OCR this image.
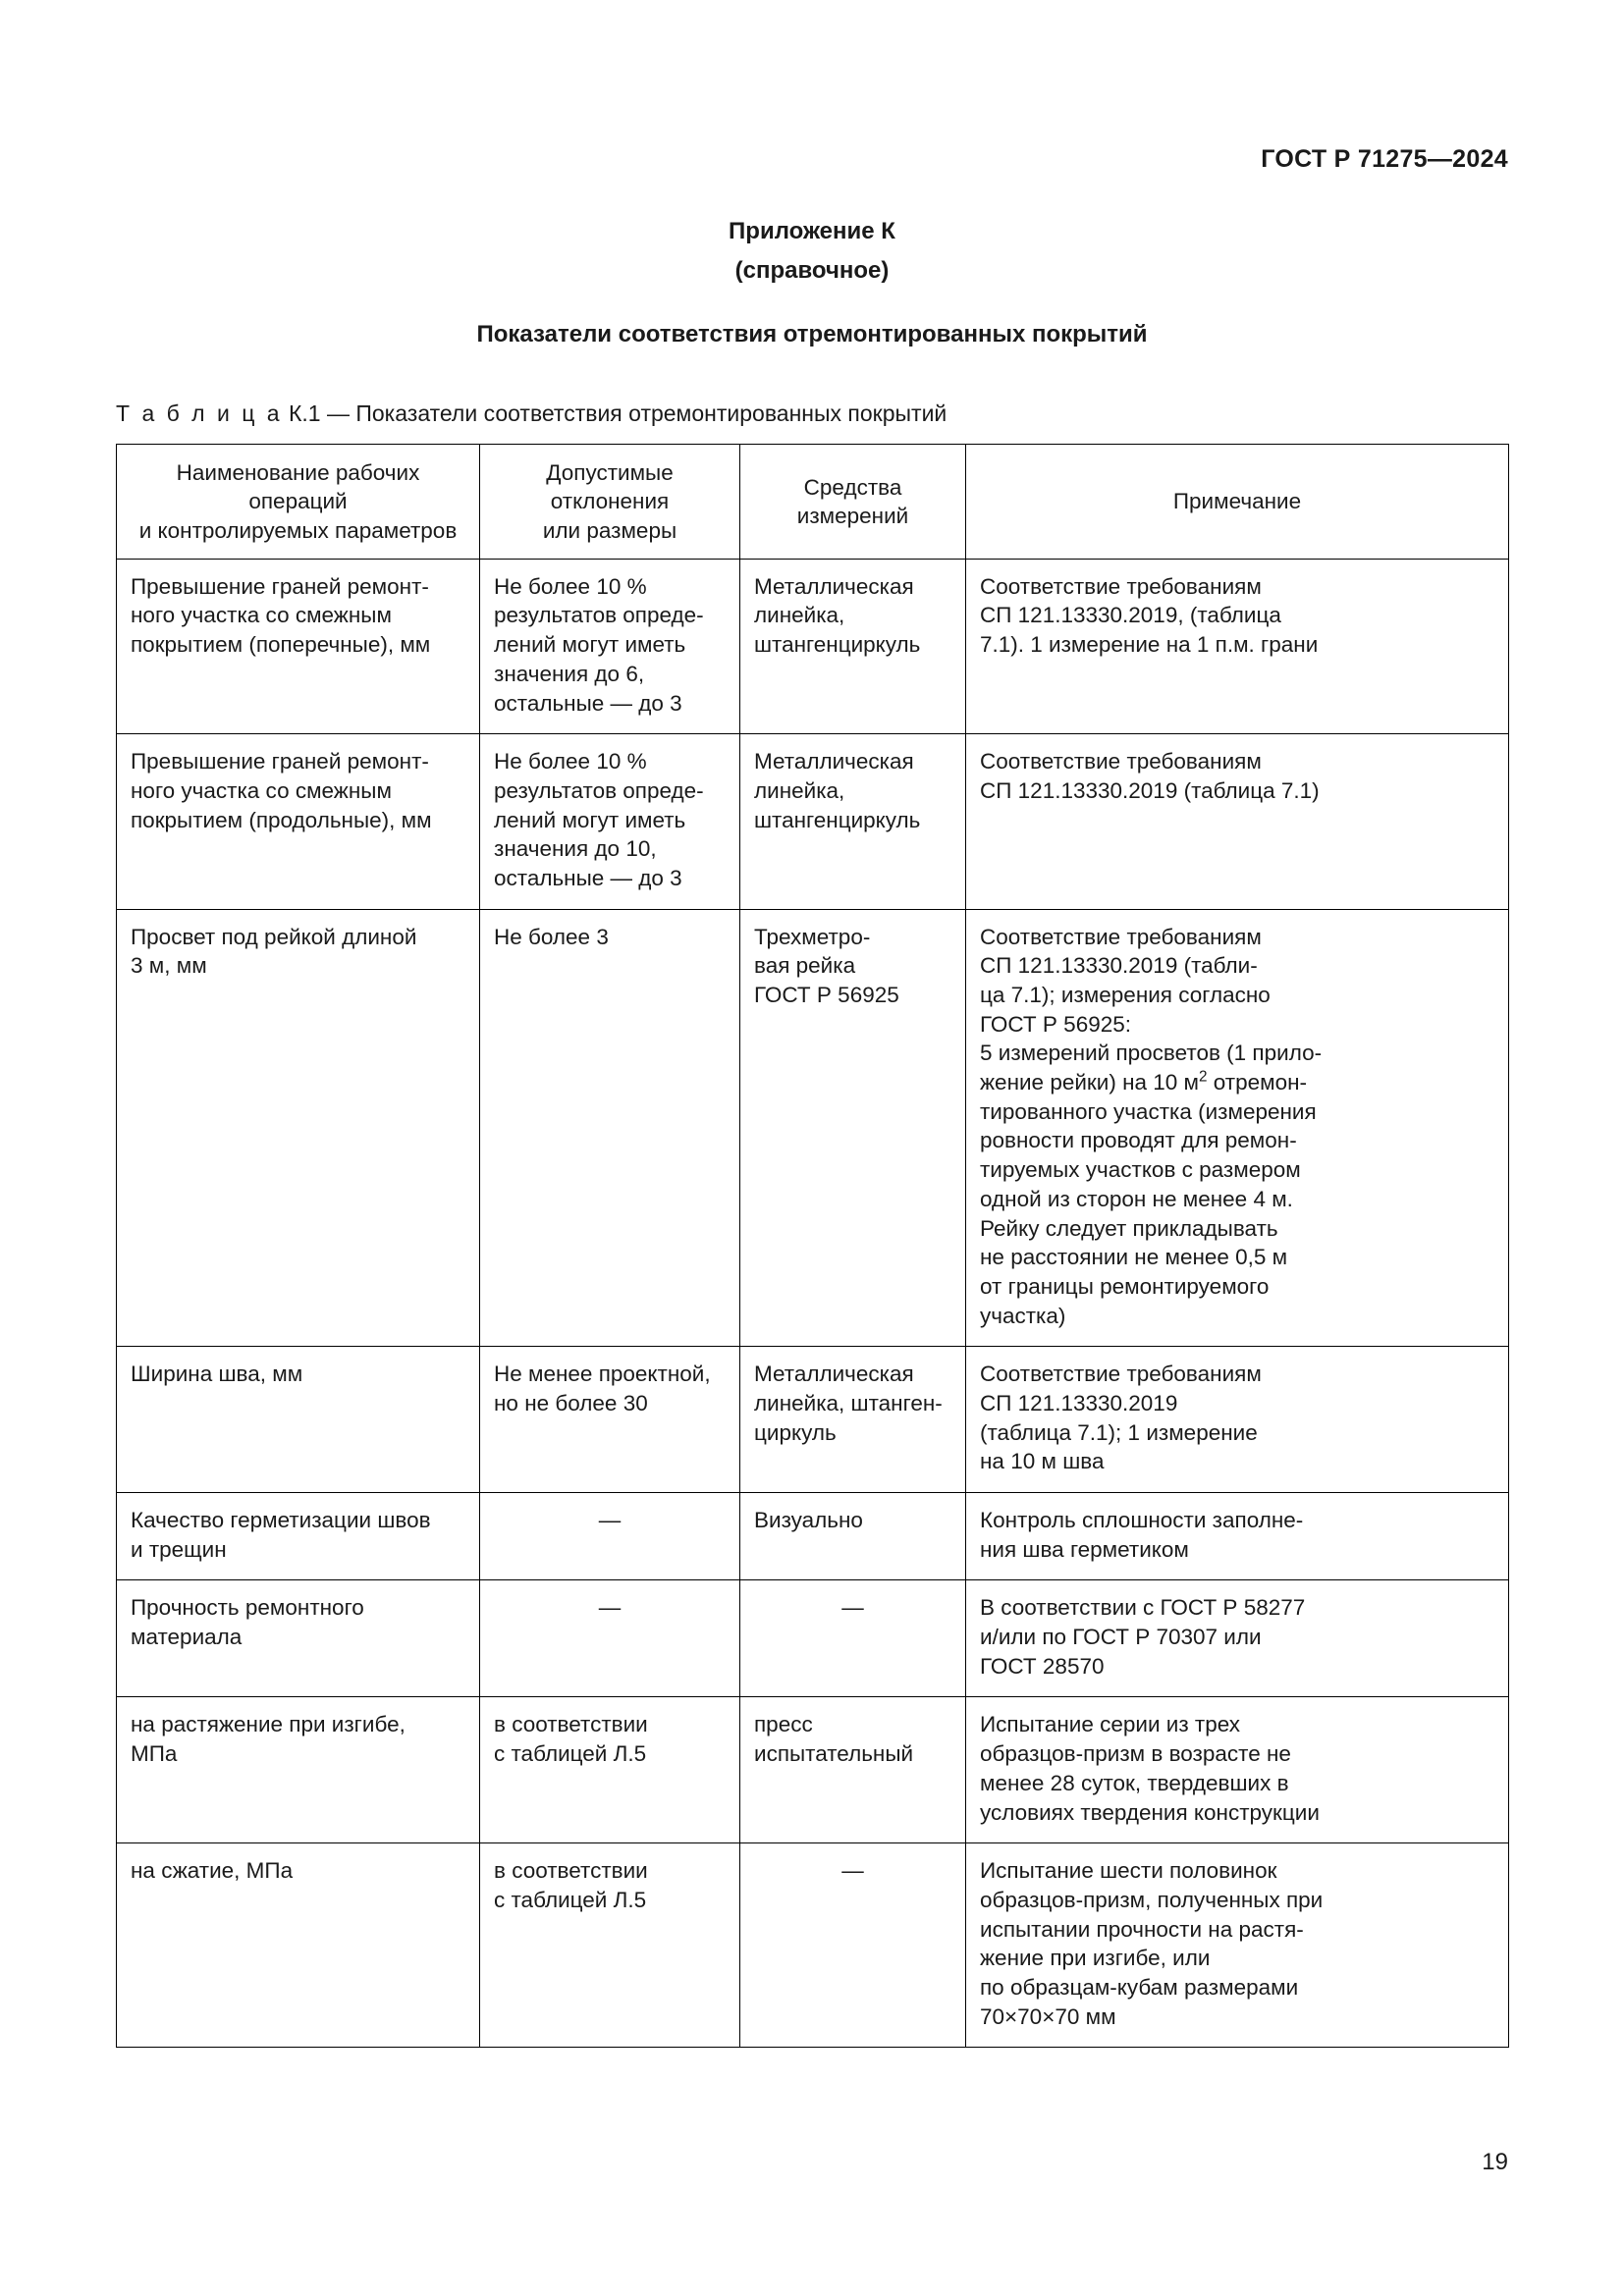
ГОСТ Р 71275—2024
Приложение К
(справочное)
Показатели соответствия отремонтированных покрытий
Т а б л и ц а К.1 — Показатели соответствия отремонтированных покрытий
Наименование рабочих операций
и контролируемых параметров	Допустимые отклонения
или размеры	Средства измерений	Примечание
Превышение граней ремонт-
ного участка со смежным
покрытием (поперечные), мм	Не более 10 %
результатов опреде-
лений могут иметь
значения до 6,
остальные — до 3	Металлическая
линейка,
штангенциркуль	Соответствие требованиям
СП 121.13330.2019, (таблица
7.1). 1 измерение на 1 п.м. грани
Превышение граней ремонт-
ного участка со смежным
покрытием (продольные), мм	Не более 10 %
результатов опреде-
лений могут иметь
значения до 10,
остальные — до 3	Металлическая
линейка,
штангенциркуль	Соответствие требованиям
СП 121.13330.2019 (таблица 7.1)
Просвет под рейкой длиной
3 м, мм	Не более 3	Трехметро-
вая рейка
ГОСТ Р 56925	Соответствие требованиям
СП 121.13330.2019 (табли-
ца 7.1); измерения согласно
ГОСТ Р 56925:
5 измерений просветов (1 прило-
жение рейки) на 10 $м^2$ отремон-
тированного участка (измерения
ровности проводят для ремон-
тируемых участков с размером
одной из сторон не менее 4 м.
Рейку следует прикладывать
не расстоянии не менее 0,5 м
от границы ремонтируемого
участка)
Ширина шва, мм	Не менее проектной,
но не более 30	Металлическая
линейка, штанген-
циркуль	Соответствие требованиям
СП 121.13330.2019
(таблица 7.1); 1 измерение
на 10 м шва
Качество герметизации швов
и трещин	—	Визуально	Контроль сплошности заполне-
ния шва герметиком
Прочность ремонтного
материала	—	—	В соответствии с ГОСТ Р 58277
и/или по ГОСТ Р 70307 или
ГОСТ 28570
на растяжение при изгибе,
МПа	в соответствии
с таблицей Л.5	пресс
испытательный	Испытание серии из трех
образцов-призм в возрасте не
менее 28 суток, твердевших в
условиях твердения конструкции
на сжатие, МПа	в соответствии
с таблицей Л.5	—	Испытание шести половинок
образцов-призм, полученных при
испытании прочности на растя-
жение при изгибе, или
по образцам-кубам размерами
70×70×70 мм
19
